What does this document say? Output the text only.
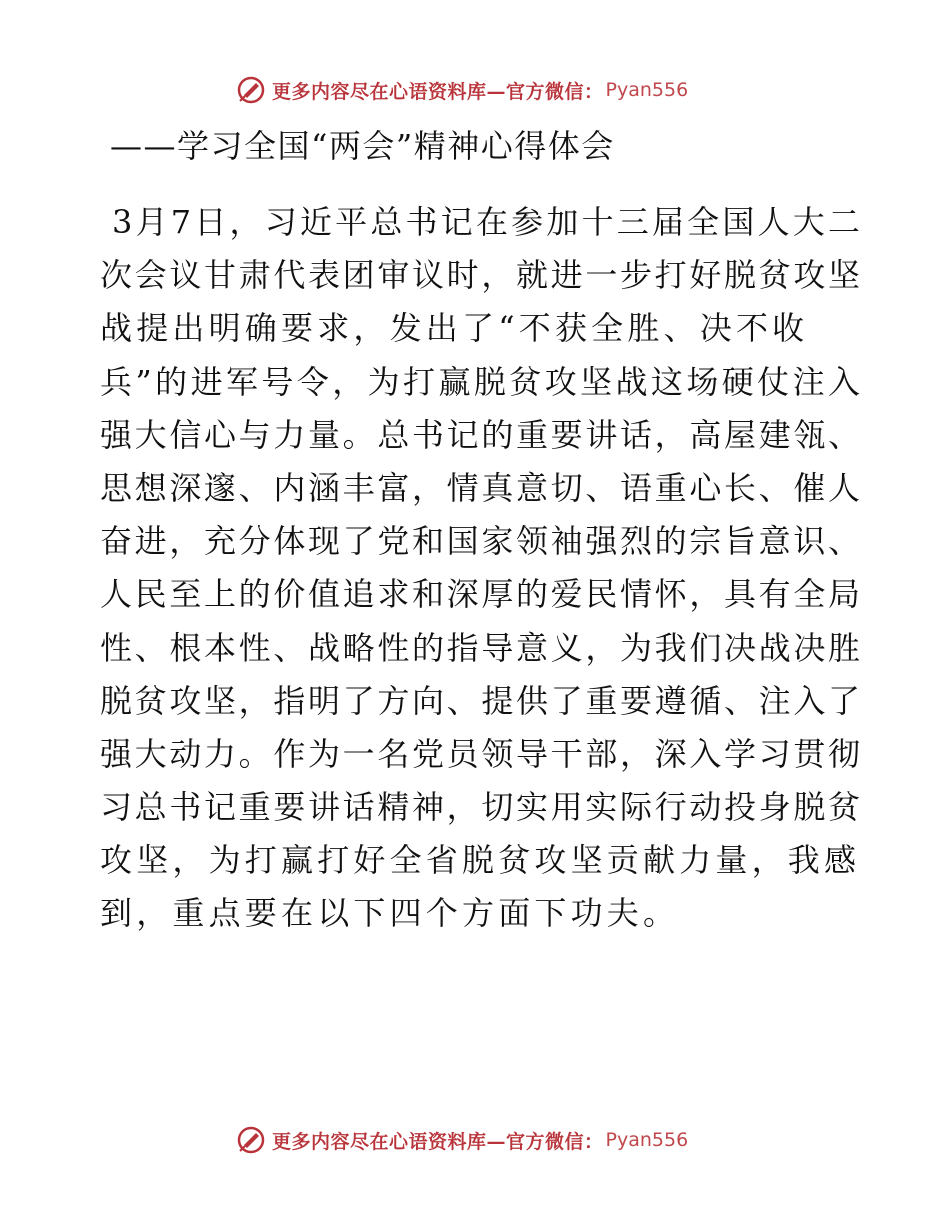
更多内容尽在心语资料库—官方微信： Pyan556
——学习全国“两会”精神心得体会
3月7日，习近平总书记在参加十三届全国人大二
次会议甘肃代表团审议时，就进一步打好脱贫攻坚
战提出明确要求，发出了“不获全胜、决不收
兵”的进军号令，为打赢脱贫攻坚战这场硬仗注入
强大信心与力量。总书记的重要讲话，高屋建瓴、
思想深邃、内涵丰富，情真意切、语重心长、催人
奋进，充分体现了党和国家领袖强烈的宗旨意识、
人民至上的价值追求和深厚的爱民情怀，具有全局
性、根本性、战略性的指导意义，为我们决战决胜
脱贫攻坚，指明了方向、提供了重要遵循、注入了
强大动力。作为一名党员领导干部，深入学习贯彻
习总书记重要讲话精神，切实用实际行动投身脱贫
攻坚，为打赢打好全省脱贫攻坚贡献力量，我感
到，重点要在以下四个方面下功夫。
更多内容尽在心语资料库—官方微信： Pyan556
